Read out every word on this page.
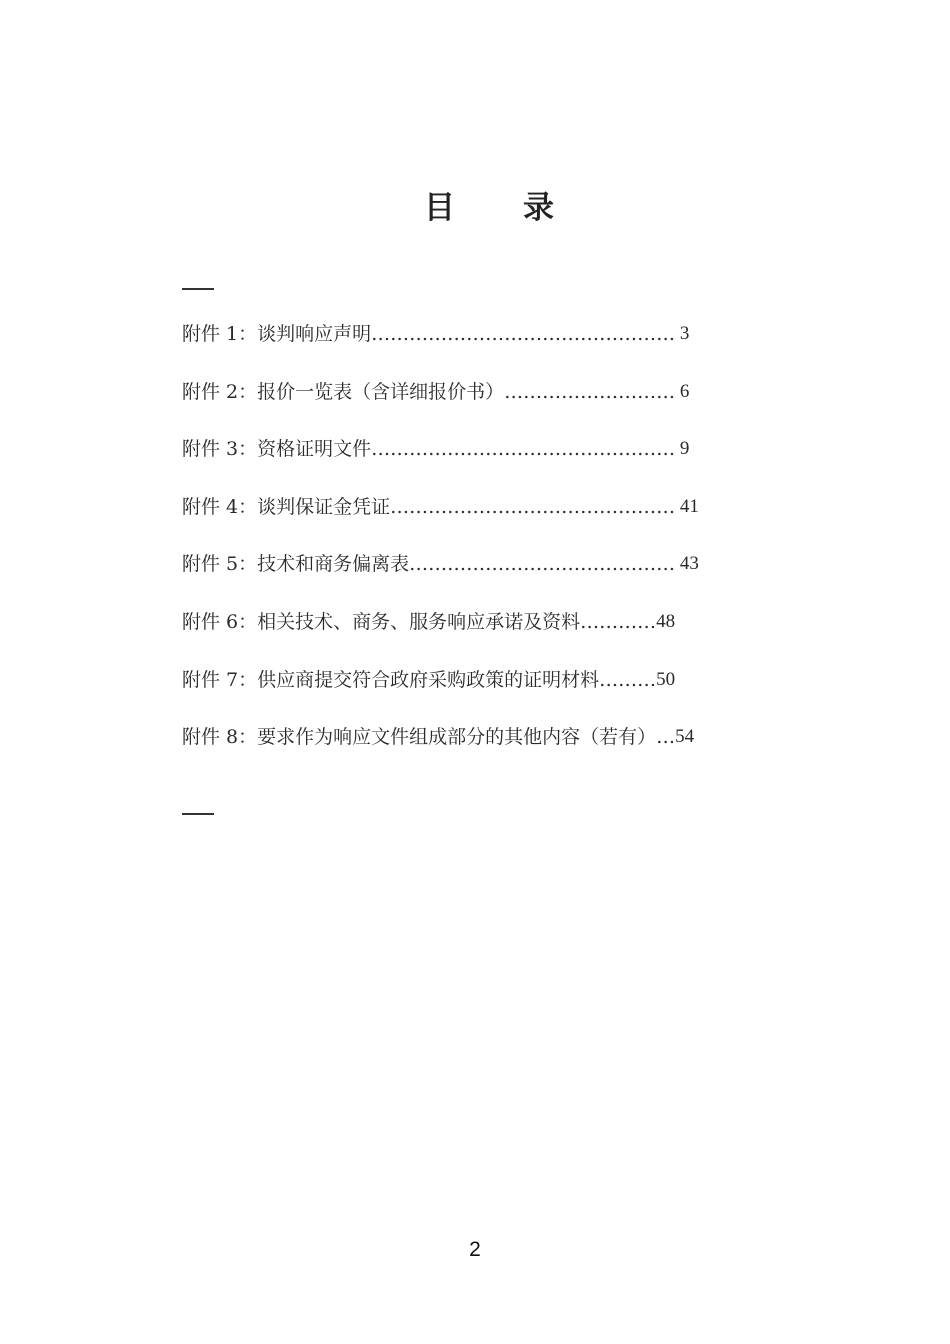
目　　录
附件 1：谈判响应声明………………………………………… 3
附件 2：报价一览表（含详细报价书）……………………… 6
附件 3：资格证明文件………………………………………… 9
附件 4：谈判保证金凭证……………………………………… 41
附件 5：技术和商务偏离表…………………………………… 43
附件 6：相关技术、商务、服务响应承诺及资料………… 48
附件 7：供应商提交符合政府采购政策的证明材料……… 50
附件 8：要求作为响应文件组成部分的其他内容（若有）… 54
2
